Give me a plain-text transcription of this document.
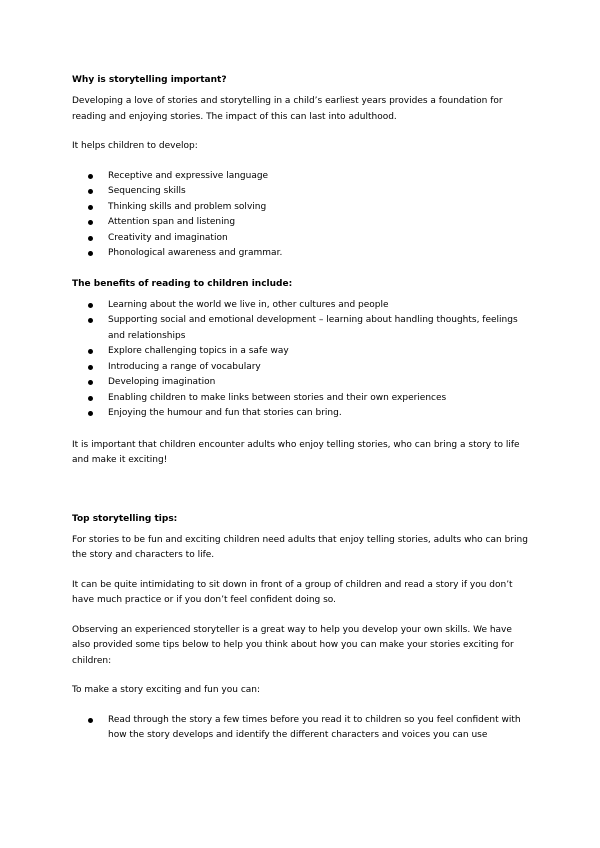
Why is storytelling important?

Developing a love of stories and storytelling in a child’s earliest years provides a foundation for reading and enjoying stories. The impact of this can last into adulthood.

It helps children to develop:

Receptive and expressive language
Sequencing skills
Thinking skills and problem solving
Attention span and listening
Creativity and imagination
Phonological awareness and grammar.
The benefits of reading to children include:
Learning about the world we live in, other cultures and people
Supporting social and emotional development – learning about handling thoughts, feelings and relationships
Explore challenging topics in a safe way
Introducing a range of vocabulary
Developing imagination
Enabling children to make links between stories and their own experiences
Enjoying the humour and fun that stories can bring.

It is important that children encounter adults who enjoy telling stories, who can bring a story to life and make it exciting!

Top storytelling tips:

For stories to be fun and exciting children need adults that enjoy telling stories, adults who can bring the story and characters to life.

It can be quite intimidating to sit down in front of a group of children and read a story if you don’t have much practice or if you don’t feel confident doing so.

Observing an experienced storyteller is a great way to help you develop your own skills. We have also provided some tips below to help you think about how you can make your stories exciting for children:

To make a story exciting and fun you can:

Read through the story a few times before you read it to children so you feel confident with how the story develops and identify the different characters and voices you can use
